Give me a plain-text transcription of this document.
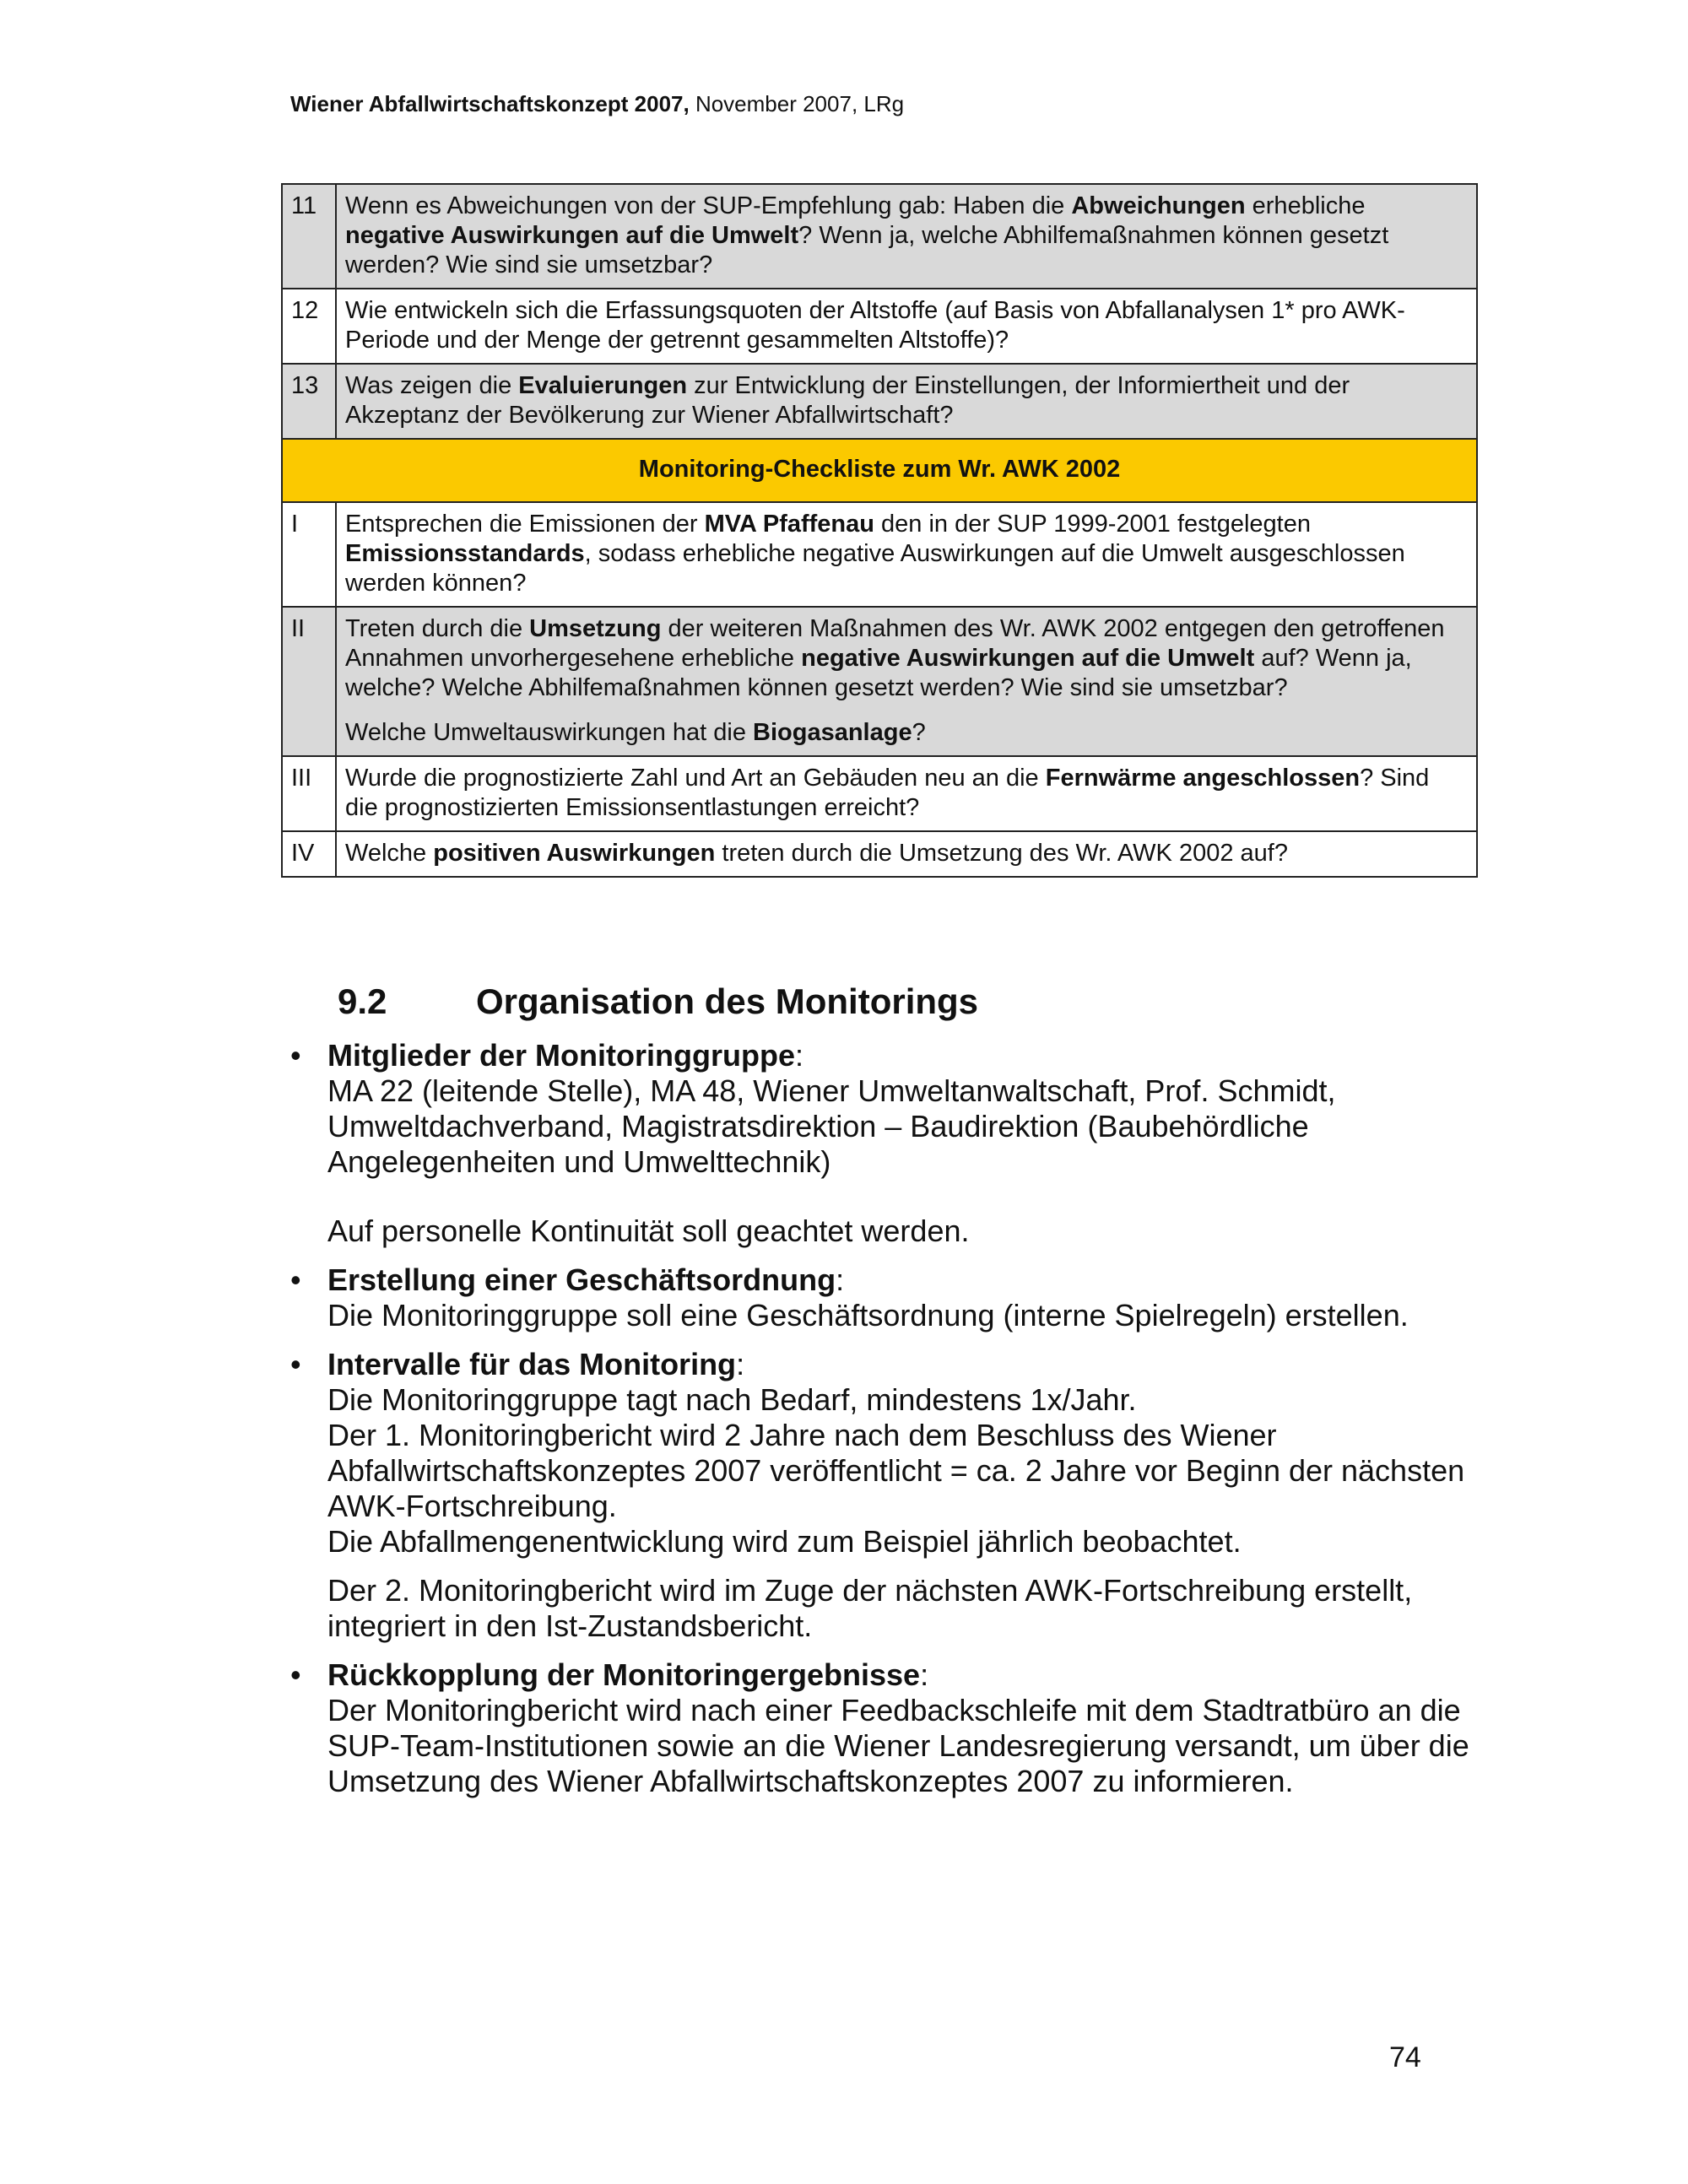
Wiener Abfallwirtschaftskonzept 2007, November 2007, LRg
11	Wenn es Abweichungen von der SUP-Empfehlung gab: Haben die Abweichungen erhebliche negative Auswirkungen auf die Umwelt? Wenn ja, welche Abhilfemaßnahmen können gesetzt werden? Wie sind sie umsetzbar?
12	Wie entwickeln sich die Erfassungsquoten der Altstoffe (auf Basis von Abfallanalysen 1* pro AWK-Periode und der Menge der getrennt gesammelten Altstoffe)?
13	Was zeigen die Evaluierungen zur Entwicklung der Einstellungen, der Informiertheit und der Akzeptanz der Bevölkerung zur Wiener Abfallwirtschaft?
Monitoring-Checkliste zum Wr. AWK 2002	
I	Entsprechen die Emissionen der MVA Pfaffenau den in der SUP 1999-2001 festgelegten Emissionsstandards, sodass erhebliche negative Auswirkungen auf die Umwelt ausgeschlossen werden können?
II	Treten durch die Umsetzung der weiteren Maßnahmen des Wr. AWK 2002 entgegen den getroffenen Annahmen unvorhergesehene erhebliche negative Auswirkungen auf die Umwelt auf? Wenn ja, welche? Welche Abhilfemaßnahmen können gesetzt werden? Wie sind sie umsetzbar?
Welche Umweltauswirkungen hat die Biogasanlage?

III	Wurde die prognostizierte Zahl und Art an Gebäuden neu an die Fernwärme angeschlossen? Sind die prognostizierten Emissionsentlastungen erreicht?
IV	Welche positiven Auswirkungen treten durch die Umsetzung des Wr. AWK 2002 auf?
9.2	Organisation des Monitorings
• Mitglieder der Monitoringgruppe:
MA 22 (leitende Stelle), MA 48, Wiener Umweltanwaltschaft, Prof. Schmidt, Umweltdachverband, Magistratsdirektion – Baudirektion (Baubehördliche Angelegenheiten und Umwelttechnik)
Auf personelle Kontinuität soll geachtet werden.
• Erstellung einer Geschäftsordnung:
Die Monitoringgruppe soll eine Geschäftsordnung (interne Spielregeln) erstellen.
• Intervalle für das Monitoring:
Die Monitoringgruppe tagt nach Bedarf, mindestens 1x/Jahr.
Der 1. Monitoringbericht wird 2 Jahre nach dem Beschluss des Wiener Abfallwirtschaftskonzeptes 2007 veröffentlicht = ca. 2 Jahre vor Beginn der nächsten AWK-Fortschreibung.
Die Abfallmengenentwicklung wird zum Beispiel jährlich beobachtet.
Der 2. Monitoringbericht wird im Zuge der nächsten AWK-Fortschreibung erstellt, integriert in den Ist-Zustandsbericht.
• Rückkopplung der Monitoringergebnisse:
Der Monitoringbericht wird nach einer Feedbackschleife mit dem Stadtratbüro an die SUP-Team-Institutionen sowie an die Wiener Landesregierung versandt, um über die Umsetzung des Wiener Abfallwirtschaftskonzeptes 2007 zu informieren.
74
